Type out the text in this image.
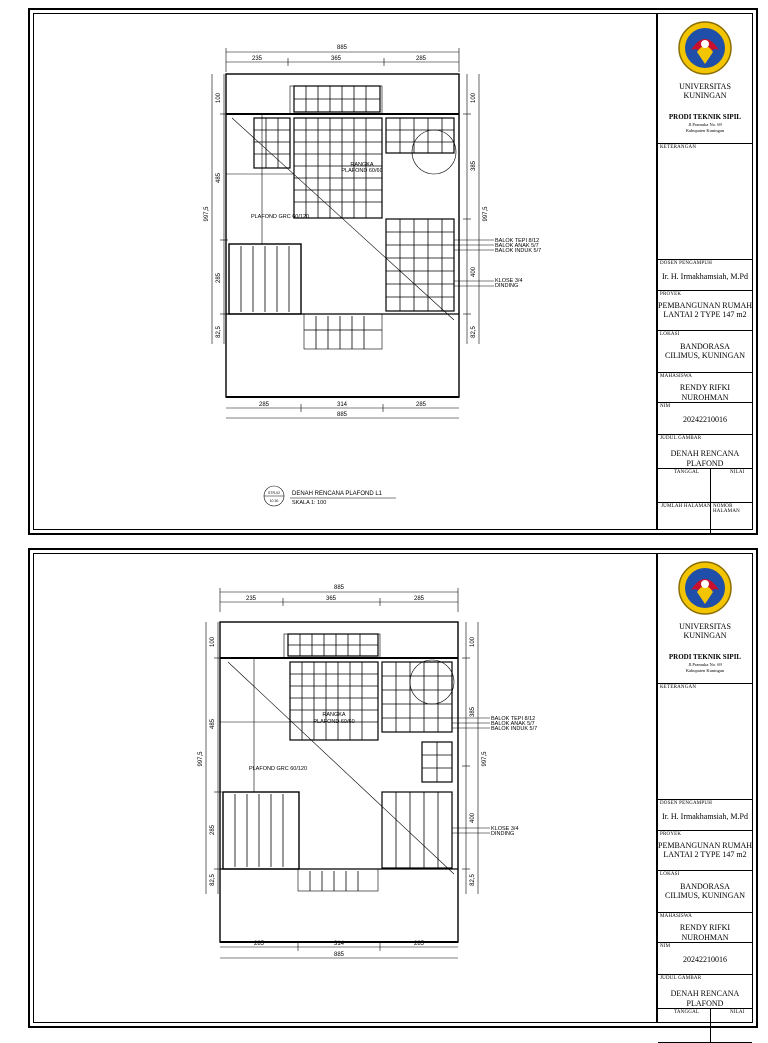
885
235	365	285
100
485
285
82,5
997,5
100
385
400
82,5
997,5
285	314	285
885
RANGKA
PLAFOND 60/60
PLAFOND GRC 60/120
BALOK TEPI 8/12
BALOK ANAK 5/7
BALOK INDUK 5/7
KLOSE 3/4
DINDING
STR-02
10 30
DENAH RENCANA PLAFOND L1
SKALA 1: 100
UNIVERSITAS
KUNINGAN
PRODI TEKNIK SIPIL
Jl.Pramuka No. 69
Kabupaten Kuningan
KETERANGAN
DOSEN PENGAMPUH
Ir. H. Irmakhamsiah, M.Pd
PROYEK
PEMBANGUNAN RUMAH
LANTAI 2 TYPE 147 m2
LOKASI
BANDORASA
CILIMUS, KUNINGAN
MAHASISWA
RENDY RIFKI NUROHMAN
NIM
20242210016
JUDUL GAMBAR
DENAH RENCANA PLAFOND
TANGGAL	NILAI
JUMLAH HALAMAN NOMOR HALAMAN
885
235	365	285
100
485
285
82,5
997,5
100
385
400
82,5
997,5
285	314	285
885
RANGKA
PLAFOND 60/60
PLAFOND GRC 60/120
BALOK TEPI 8/12
BALOK ANAK 5/7
BALOK INDUK 5/7
KLOSE 3/4
DINDING
UNIVERSITAS
KUNINGAN
PRODI TEKNIK SIPIL
Jl.Pramuka No. 69
Kabupaten Kuningan
KETERANGAN
DOSEN PENGAMPUH
Ir. H. Irmakhamsiah, M.Pd
PROYEK
PEMBANGUNAN RUMAH
LANTAI 2 TYPE 147 m2
LOKASI
BANDORASA
CILIMUS, KUNINGAN
MAHASISWA
RENDY RIFKI NUROHMAN
NIM
20242210016
JUDUL GAMBAR
DENAH RENCANA PLAFOND
TANGGAL	NILAI
